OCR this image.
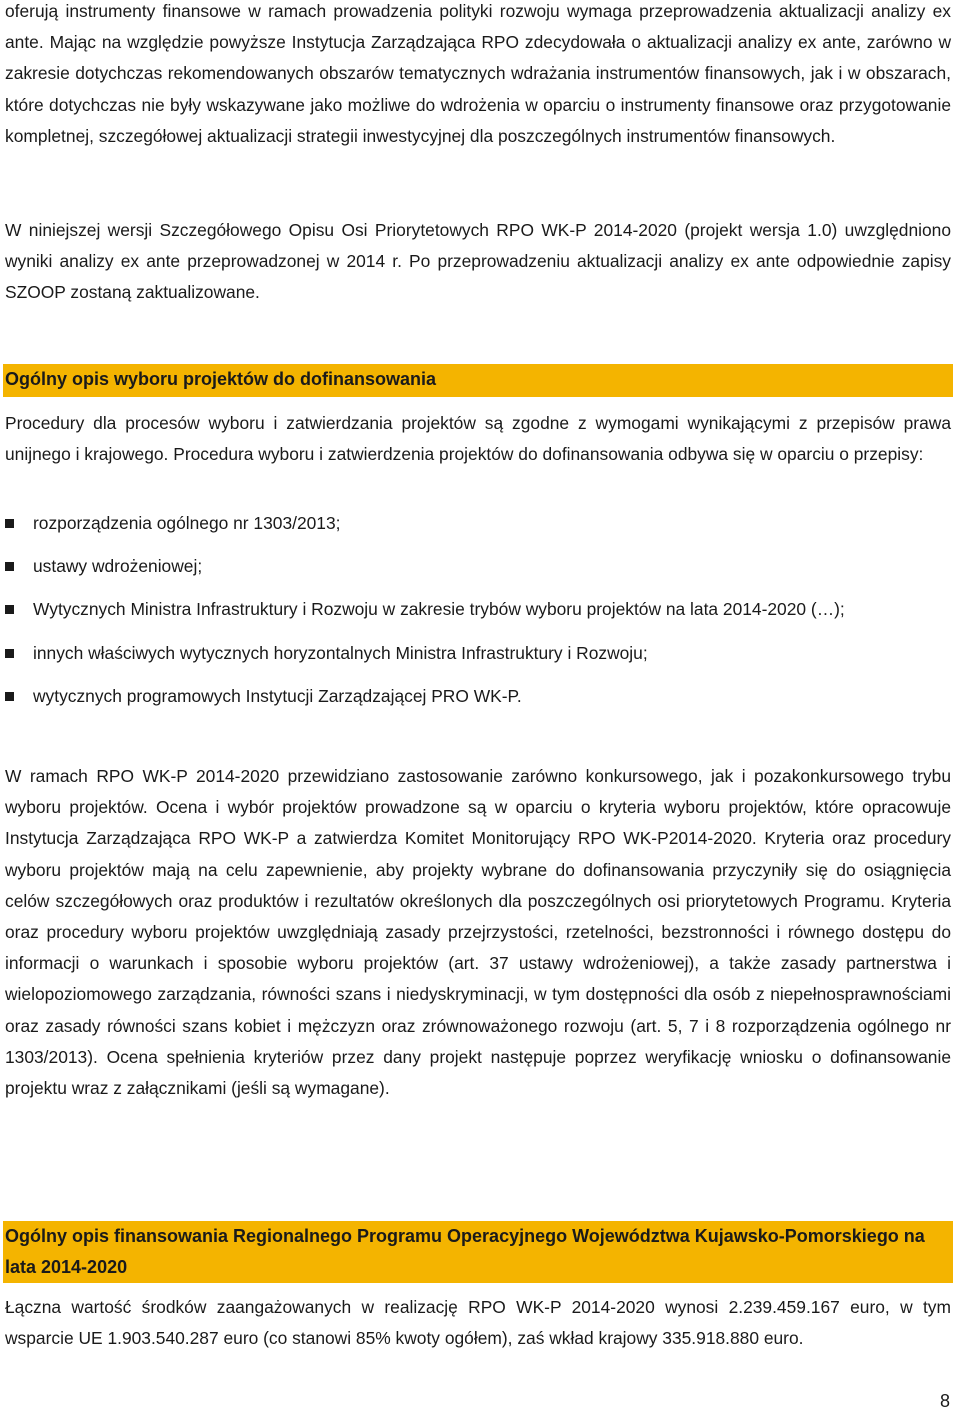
oferują instrumenty finansowe w ramach prowadzenia polityki rozwoju wymaga przeprowadzenia aktualizacji analizy ex ante. Mając na względzie powyższe Instytucja Zarządzająca RPO zdecydowała o aktualizacji analizy ex ante, zarówno w zakresie dotychczas rekomendowanych obszarów tematycznych wdrażania instrumentów finansowych, jak i w obszarach, które dotychczas nie były wskazywane jako możliwe do wdrożenia w oparciu o instrumenty finansowe oraz przygotowanie kompletnej, szczegółowej aktualizacji strategii inwestycyjnej dla poszczególnych instrumentów finansowych.

W niniejszej wersji Szczegółowego Opisu Osi Priorytetowych RPO WK-P 2014-2020 (projekt wersja 1.0) uwzględniono wyniki analizy ex ante przeprowadzonej w 2014 r. Po przeprowadzeniu aktualizacji analizy ex ante odpowiednie zapisy SZOOP zostaną zaktualizowane.

Ogólny opis wyboru projektów do dofinansowania

Procedury dla procesów wyboru i zatwierdzania projektów są zgodne z wymogami wynikającymi z przepisów prawa unijnego i krajowego. Procedura wyboru i zatwierdzenia projektów do dofinansowania odbywa się w oparciu o przepisy:

rozporządzenia ogólnego nr 1303/2013;
ustawy wdrożeniowej;
Wytycznych Ministra Infrastruktury i Rozwoju w zakresie trybów wyboru projektów na lata 2014-2020 (…);
innych właściwych wytycznych horyzontalnych Ministra Infrastruktury i Rozwoju;
wytycznych programowych Instytucji Zarządzającej PRO WK-P.

W ramach RPO WK-P 2014-2020 przewidziano zastosowanie zarówno konkursowego, jak i pozakonkursowego trybu wyboru projektów. Ocena i wybór projektów prowadzone są w oparciu o kryteria wyboru projektów, które opracowuje Instytucja Zarządzająca RPO WK-P a zatwierdza Komitet Monitorujący RPO WK-P2014-2020. Kryteria oraz procedury wyboru projektów mają na celu zapewnienie, aby projekty wybrane do dofinansowania przyczyniły się do osiągnięcia celów szczegółowych oraz produktów i rezultatów określonych dla poszczególnych osi priorytetowych Programu. Kryteria oraz procedury wyboru projektów uwzględniają zasady przejrzystości, rzetelności, bezstronności i równego dostępu do informacji o warunkach i sposobie wyboru projektów (art. 37 ustawy wdrożeniowej), a także zasady partnerstwa i wielopoziomowego zarządzania, równości szans i niedyskryminacji, w tym dostępności dla osób z niepełnosprawnościami oraz zasady równości szans kobiet i mężczyzn oraz zrównoważonego rozwoju (art. 5, 7 i 8 rozporządzenia ogólnego nr 1303/2013). Ocena spełnienia kryteriów przez dany projekt następuje poprzez weryfikację wniosku o dofinansowanie projektu wraz z załącznikami (jeśli są wymagane).

Ogólny opis finansowania Regionalnego Programu Operacyjnego Województwa Kujawsko-Pomorskiego na lata 2014-2020

Łączna wartość środków zaangażowanych w realizację RPO WK-P 2014-2020 wynosi 2.239.459.167 euro, w tym wsparcie UE 1.903.540.287 euro (co stanowi 85% kwoty ogółem), zaś wkład krajowy 335.918.880 euro.

8
